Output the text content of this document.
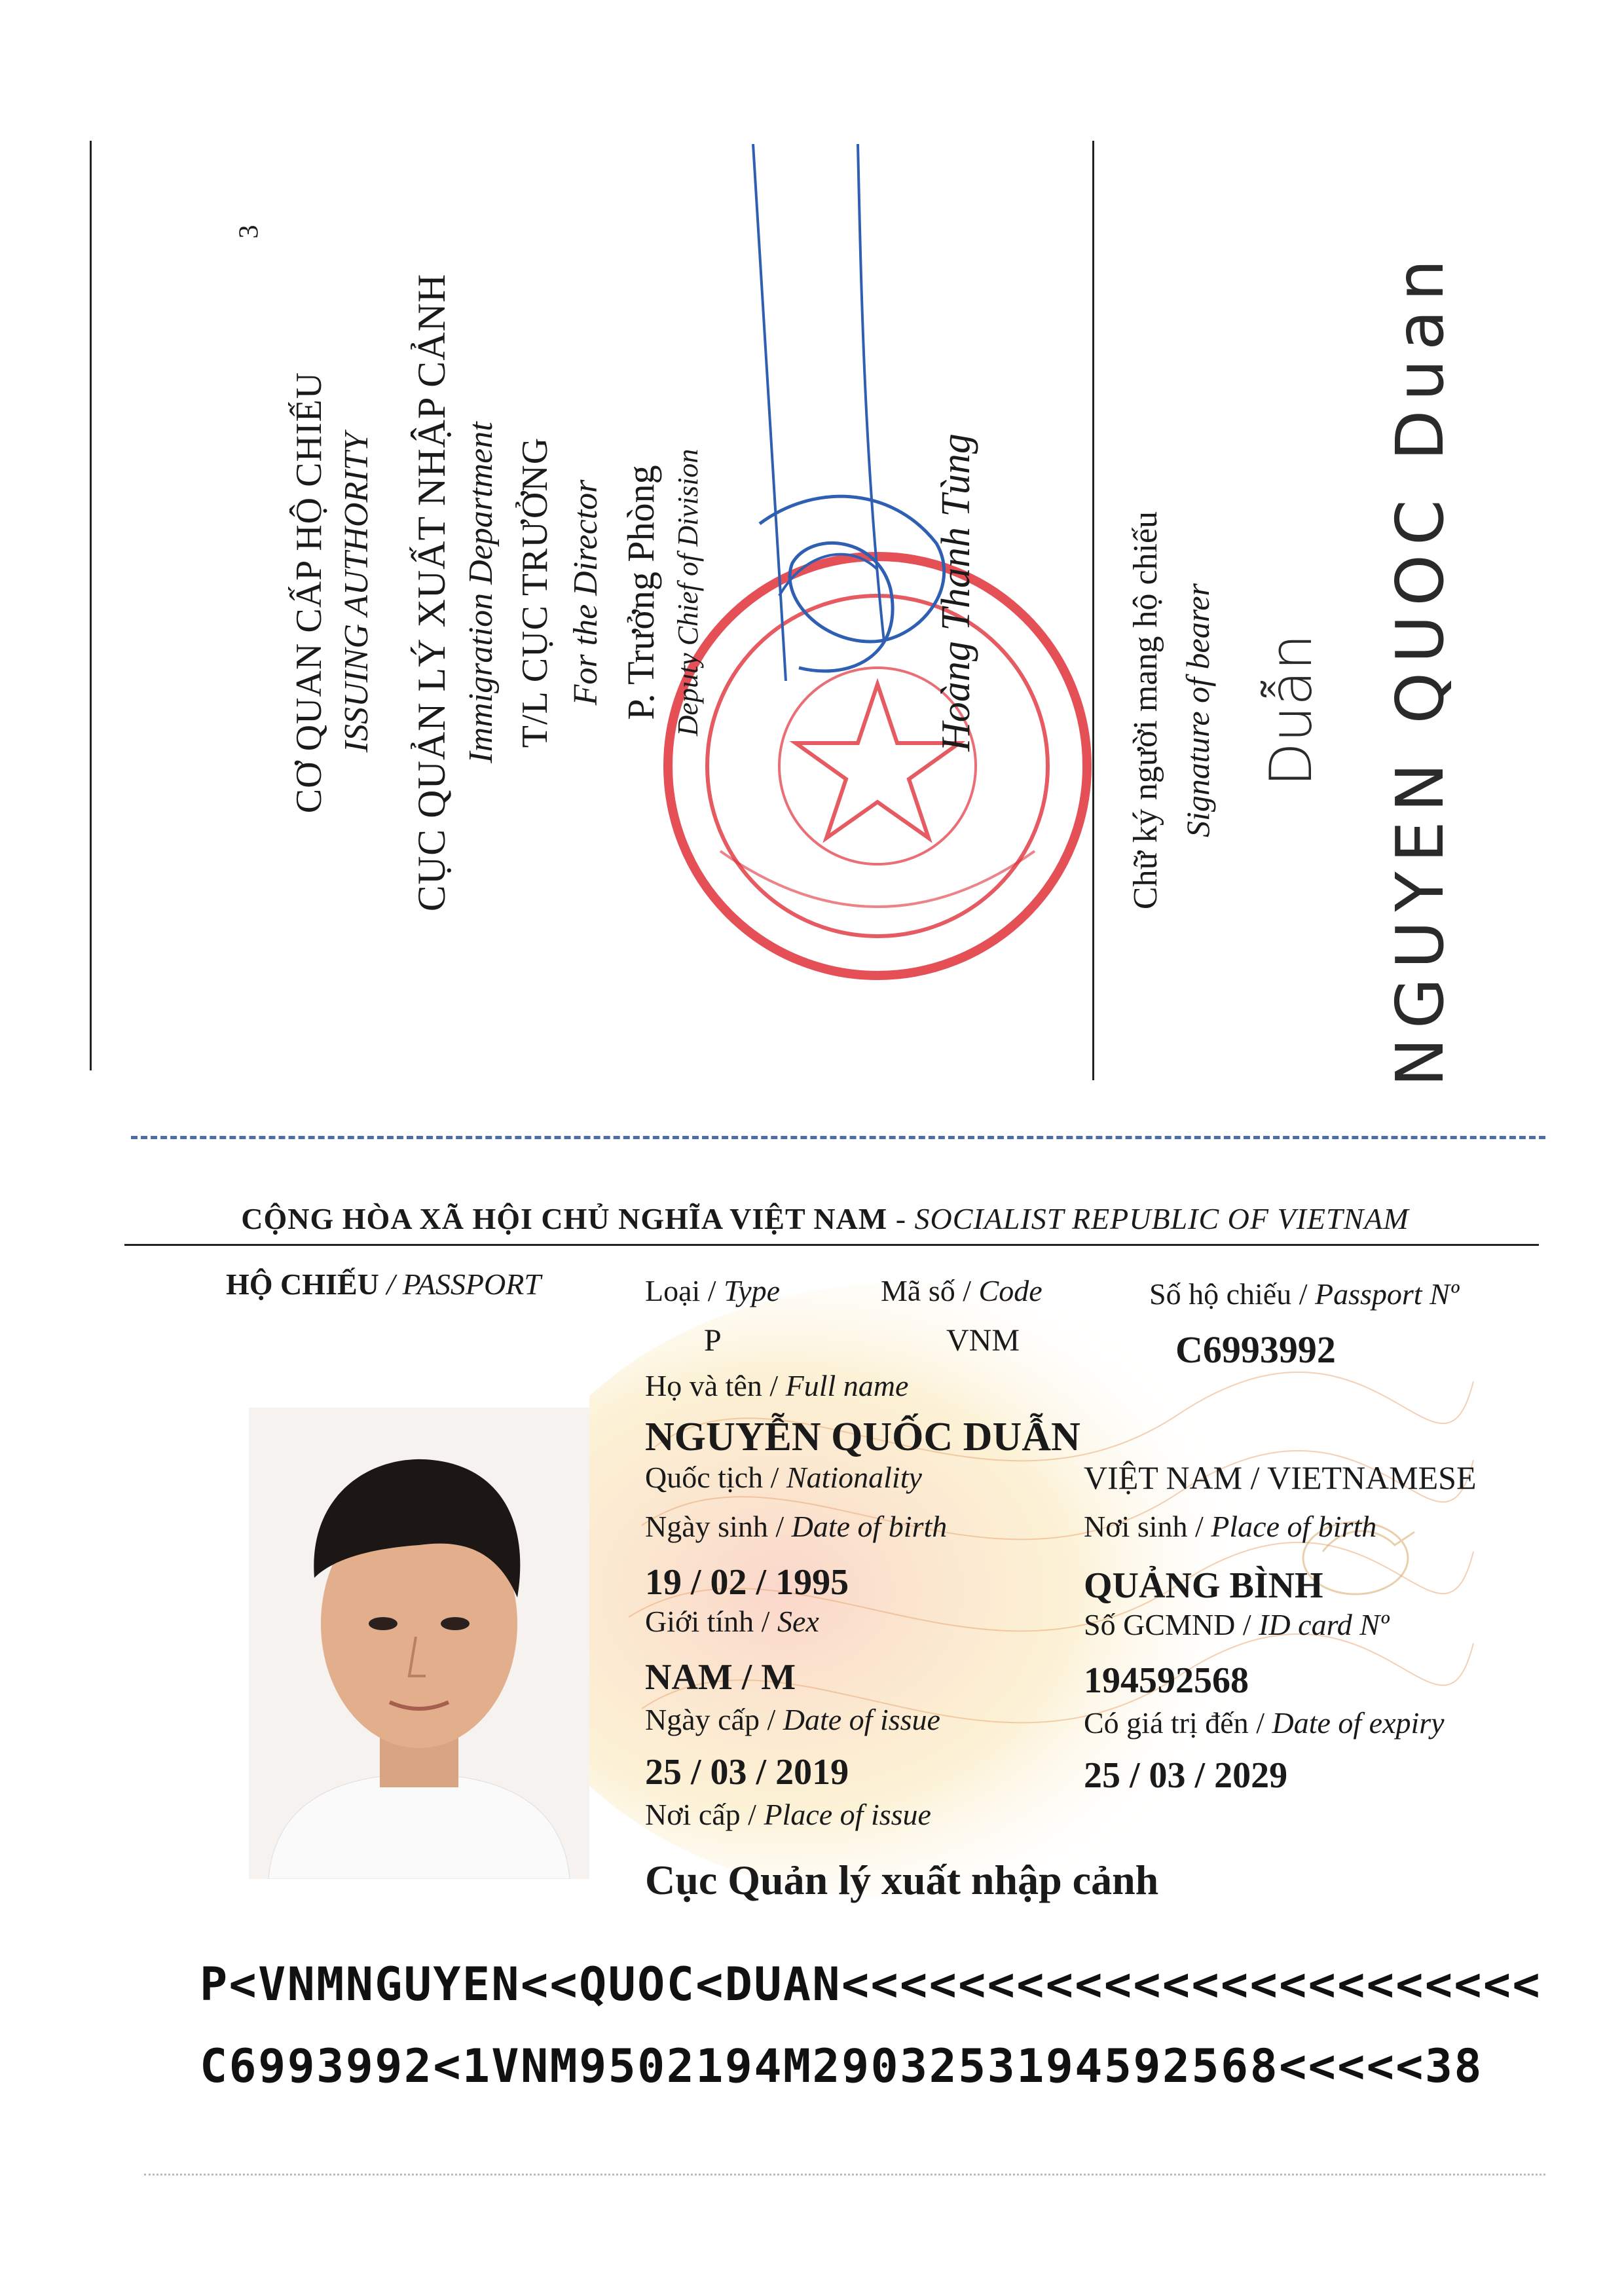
3
CƠ QUAN CẤP HỘ CHIẾU ISSUING AUTHORITY CỤC QUẢN LÝ XUẤT NHẬP CẢNH Immigration Department T/L CỤC TRƯỞNG For the Director P. Trưởng Phòng Deputy Chief of Division	Hoàng Thanh Tùng	Chữ ký người mang hộ chiếu Signature of bearer Duẫn NGUYEN QUOC Duan
CỘNG HÒA XÃ HỘI CHỦ NGHĨA VIỆT NAM - SOCIALIST REPUBLIC OF VIETNAM
HỘ CHIẾU / PASSPORT	Loại / Type
P
Mã số / Code
VNM
Số hộ chiếu / Passport Nº
C6993992
Họ và tên / Full name
NGUYỄN QUỐC DUẪN
Quốc tịch / Nationality	VIỆT NAM / VIETNAMESE
Ngày sinh / Date of birth	Nơi sinh / Place of birth
19 / 02 / 1995	QUẢNG BÌNH
Giới tính / Sex	Số GCMND / ID card Nº
NAM / M	194592568
Ngày cấp / Date of issue	Có giá trị đến / Date of expiry
25 / 03 / 2019	25 / 03 / 2029
Nơi cấp / Place of issue
Cục Quản lý xuất nhập cảnh
P<VNMNGUYEN<<QUOC<DUAN<<<<<<<<<<<<<<<<<<<<<<<<
C6993992<1VNM9502194M2903253194592568<<<<<38
